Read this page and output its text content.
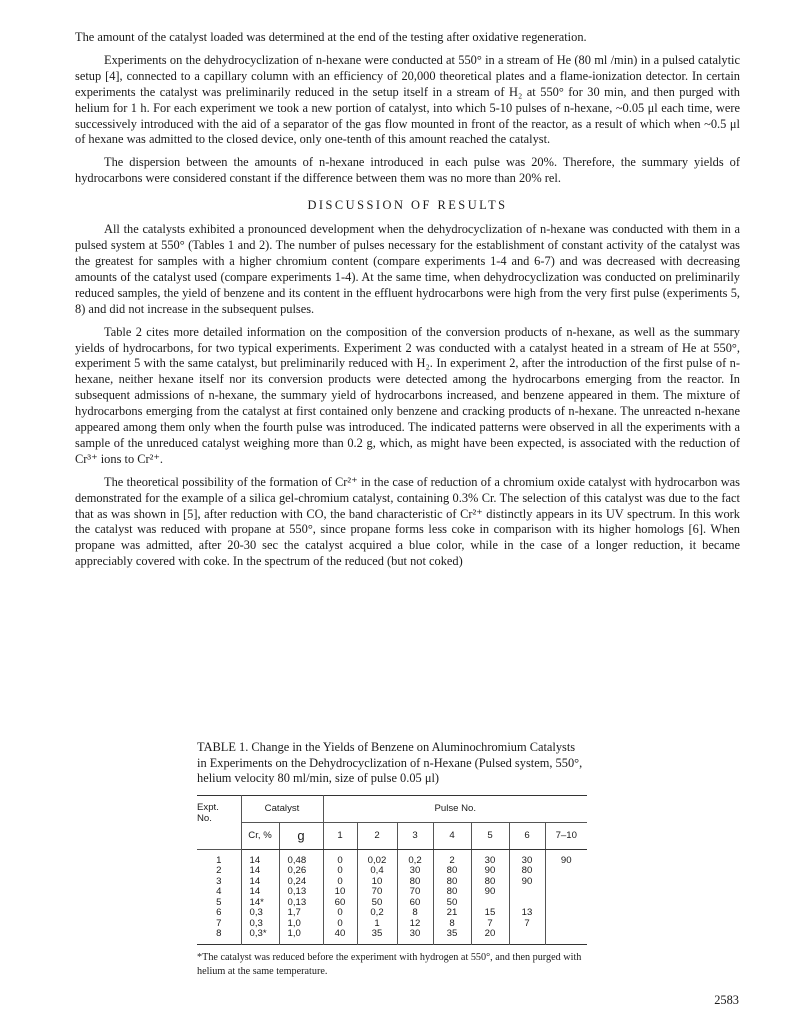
The amount of the catalyst loaded was determined at the end of the testing after oxidative regeneration.

Experiments on the dehydrocyclization of n-hexane were conducted at 550° in a stream of He (80 ml /min) in a pulsed catalytic setup [4], connected to a capillary column with an efficiency of 20,000 theoretical plates and a flame-ionization detector. In certain experiments the catalyst was preliminarily reduced in the setup itself in a stream of H₂ at 550° for 30 min, and then purged with helium for 1 h. For each experiment we took a new portion of catalyst, into which 5-10 pulses of n-hexane, ~0.05 μl each time, were successively introduced with the aid of a separator of the gas flow mounted in front of the reactor, as a result of which when ~0.5 μl of hexane was admitted to the closed device, only one-tenth of this amount reached the catalyst.

The dispersion between the amounts of n-hexane introduced in each pulse was 20%. Therefore, the summary yields of hydrocarbons were considered constant if the difference between them was no more than 20% rel.

DISCUSSION OF RESULTS

All the catalysts exhibited a pronounced development when the dehydrocyclization of n-hexane was conducted with them in a pulsed system at 550° (Tables 1 and 2). The number of pulses necessary for the establishment of constant activity of the catalyst was the greatest for samples with a higher chromium content (compare experiments 1-4 and 6-7) and was decreased with decreasing amounts of the catalyst used (compare experiments 1-4). At the same time, when dehydrocyclization was conducted on preliminarily reduced samples, the yield of benzene and its content in the effluent hydrocarbons were high from the very first pulse (experiments 5, 8) and did not increase in the subsequent pulses.

Table 2 cites more detailed information on the composition of the conversion products of n-hexane, as well as the summary yields of hydrocarbons, for two typical experiments. Experiment 2 was conducted with a catalyst heated in a stream of He at 550°, experiment 5 with the same catalyst, but preliminarily reduced with H₂. In experiment 2, after the introduction of the first pulse of n-hexane, neither hexane itself nor its conversion products were detected among the hydrocarbons emerging from the reactor. In subsequent admissions of n-hexane, the summary yield of hydrocarbons increased, and benzene appeared in them. The mixture of hydrocarbons emerging from the catalyst at first contained only benzene and cracking products of n-hexane. The unreacted n-hexane appeared among them only when the fourth pulse was introduced. The indicated patterns were observed in all the experiments with a sample of the unreduced catalyst weighing more than 0.2 g, which, as might have been expected, is associated with the reduction of Cr³⁺ ions to Cr²⁺.

The theoretical possibility of the formation of Cr²⁺ in the case of reduction of a chromium oxide catalyst with hydrocarbon was demonstrated for the example of a silica gel-chromium catalyst, containing 0.3% Cr. The selection of this catalyst was due to the fact that as was shown in [5], after reduction with CO, the band characteristic of Cr²⁺ distinctly appears in its UV spectrum. In this work the catalyst was reduced with propane at 550°, since propane forms less coke in comparison with its higher homologs [6]. When propane was admitted, after 20-30 sec the catalyst acquired a blue color, while in the case of a longer reduction, it became appreciably covered with coke. In the spectrum of the reduced (but not coked)

TABLE 1. Change in the Yields of Benzene on Aluminochromium Catalysts in Experiments on the Dehydrocyclization of n-Hexane (Pulsed system, 550°, helium velocity 80 ml/min, size of pulse 0.05 μl)
Expt.
No.	Catalyst		Pulse No.						
	Cr, %	g	1	2	3	4	5	6	7–10
1	14	0,48	0	0,02	0,2	2	30	30	90
2	14	0,26	0	0,4	30	80	90	80	
3	14	0,24	0	10	80	80	80	90	
4	14	0,13	10	70	70	80	90		
5	14*	0,13	60	50	60	50			
6	0,3	1,7	0	0,2	8	21	15	13	
7	0,3	1,0	0	1	12	8	7	7	
8	0,3*	1,0	40	35	30	35	20		
*The catalyst was reduced before the experiment with hydrogen at 550°, and then purged with helium at the same temperature.
2583
